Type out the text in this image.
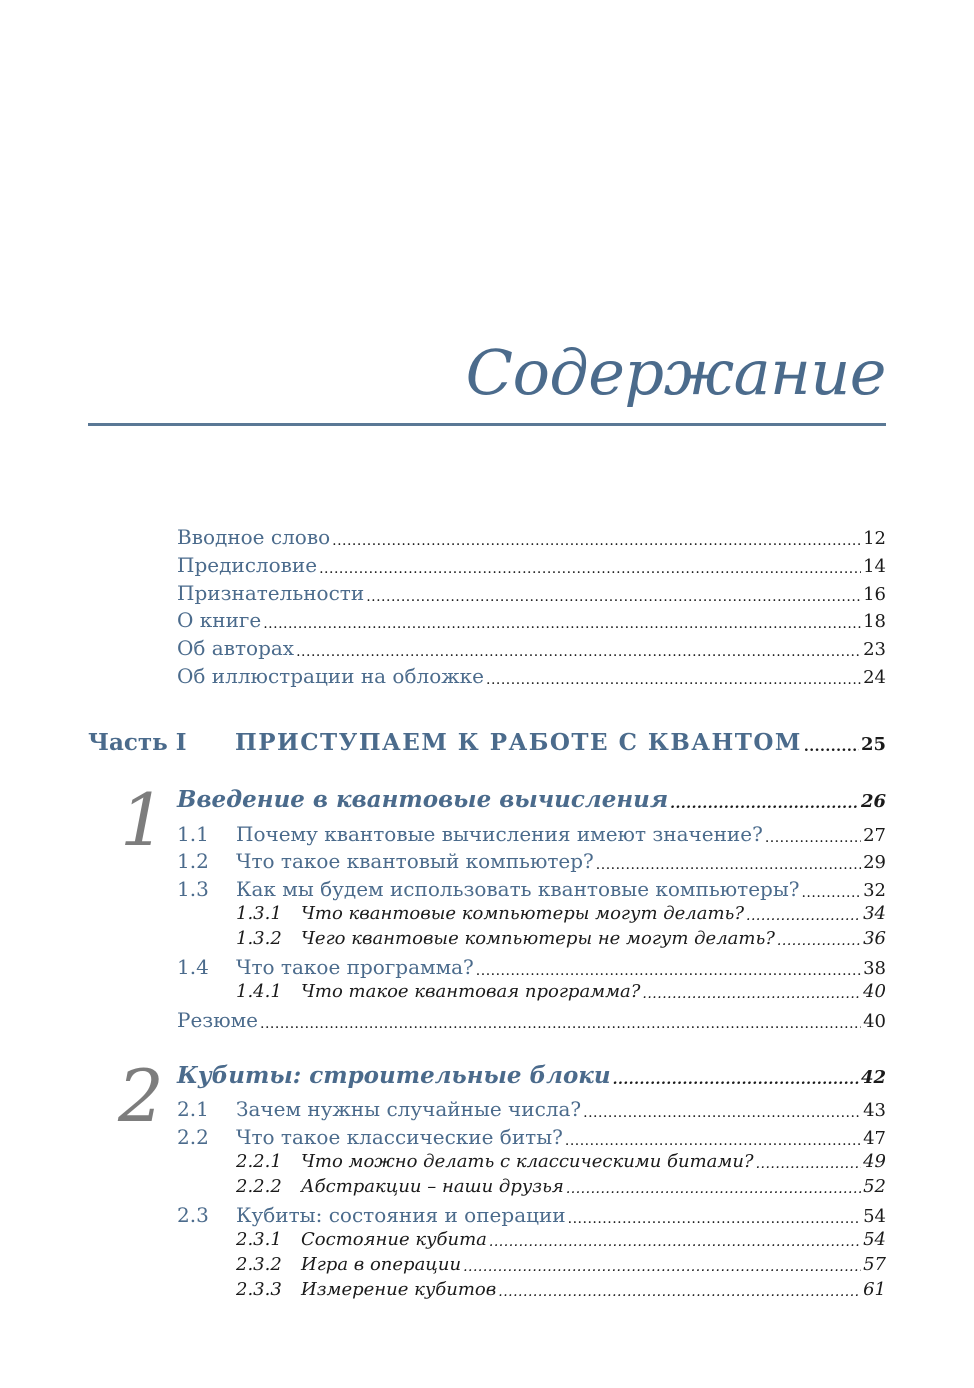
Содержание
Вводное слово .....	12
Предисловие .....	14
Признательности .....	16
О книге .....	18
Об авторах .....	23
Об иллюстрации на обложке .....	24
Часть I	ПРИСТУПАЕМ К РАБОТЕ С КВАНТОМ .....	25
1 Введение в квантовые вычисления .....	26
1.1	Почему квантовые вычисления имеют значение? .....	27
1.2	Что такое квантовый компьютер? .....	29
1.3	Как мы будем использовать квантовые компьютеры? .....	32
1.3.1	Что квантовые компьютеры могут делать? .....	34
1.3.2	Чего квантовые компьютеры не могут делать? .....	36
1.4	Что такое программа? .....	38
1.4.1	Что такое квантовая программа? .....	40
Резюме .....	40
2 Кубиты: строительные блоки .....	42
2.1	Зачем нужны случайные числа? .....	43
2.2	Что такое классические биты? .....	47
2.2.1	Что можно делать с классическими битами? .....	49
2.2.2	Абстракции – наши друзья .....	52
2.3	Кубиты: состояния и операции .....	54
2.3.1	Состояние кубита .....	54
2.3.2	Игра в операции .....	57
2.3.3	Измерение кубитов .....	61
